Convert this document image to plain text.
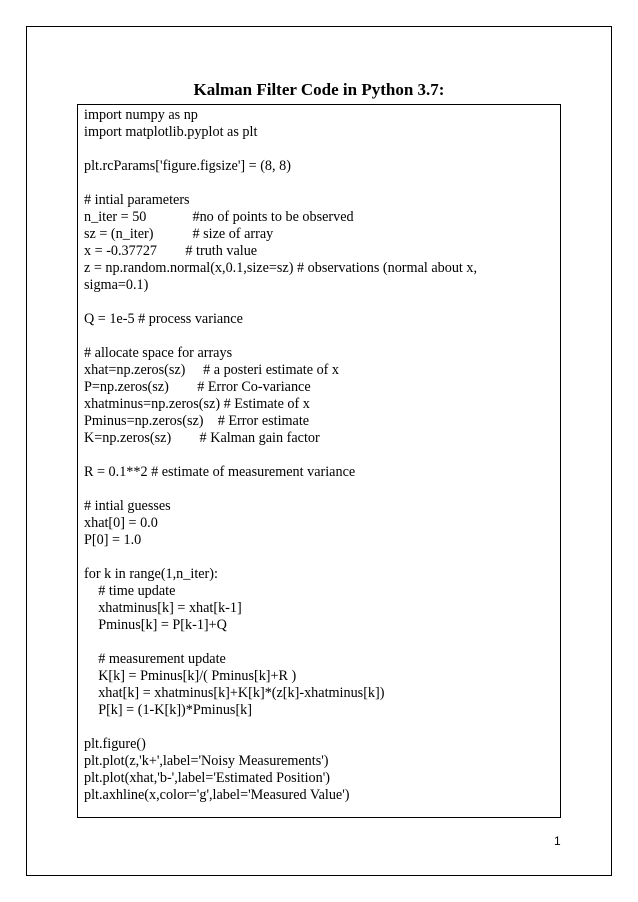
Kalman Filter Code in Python 3.7:
import numpy as np
import matplotlib.pyplot as plt
plt.rcParams['figure.figsize'] = (8, 8)
# intial parameters
n_iter = 50             #no of points to be observed
sz = (n_iter)           # size of array
x = -0.37727        # truth value
z = np.random.normal(x,0.1,size=sz) # observations (normal about x,
sigma=0.1)
Q = 1e-5 # process variance
# allocate space for arrays
xhat=np.zeros(sz)     # a posteri estimate of x
P=np.zeros(sz)        # Error Co-variance
xhatminus=np.zeros(sz) # Estimate of x
Pminus=np.zeros(sz)    # Error estimate
K=np.zeros(sz)        # Kalman gain factor
R = 0.1**2 # estimate of measurement variance
# intial guesses
xhat[0] = 0.0
P[0] = 1.0
for k in range(1,n_iter):
# time update
xhatminus[k] = xhat[k-1]
Pminus[k] = P[k-1]+Q
# measurement update
K[k] = Pminus[k]/( Pminus[k]+R )
xhat[k] = xhatminus[k]+K[k]*(z[k]-xhatminus[k])
P[k] = (1-K[k])*Pminus[k]
plt.figure()
plt.plot(z,'k+',label='Noisy Measurements')
plt.plot(xhat,'b-',label='Estimated Position')
plt.axhline(x,color='g',label='Measured Value')
1
